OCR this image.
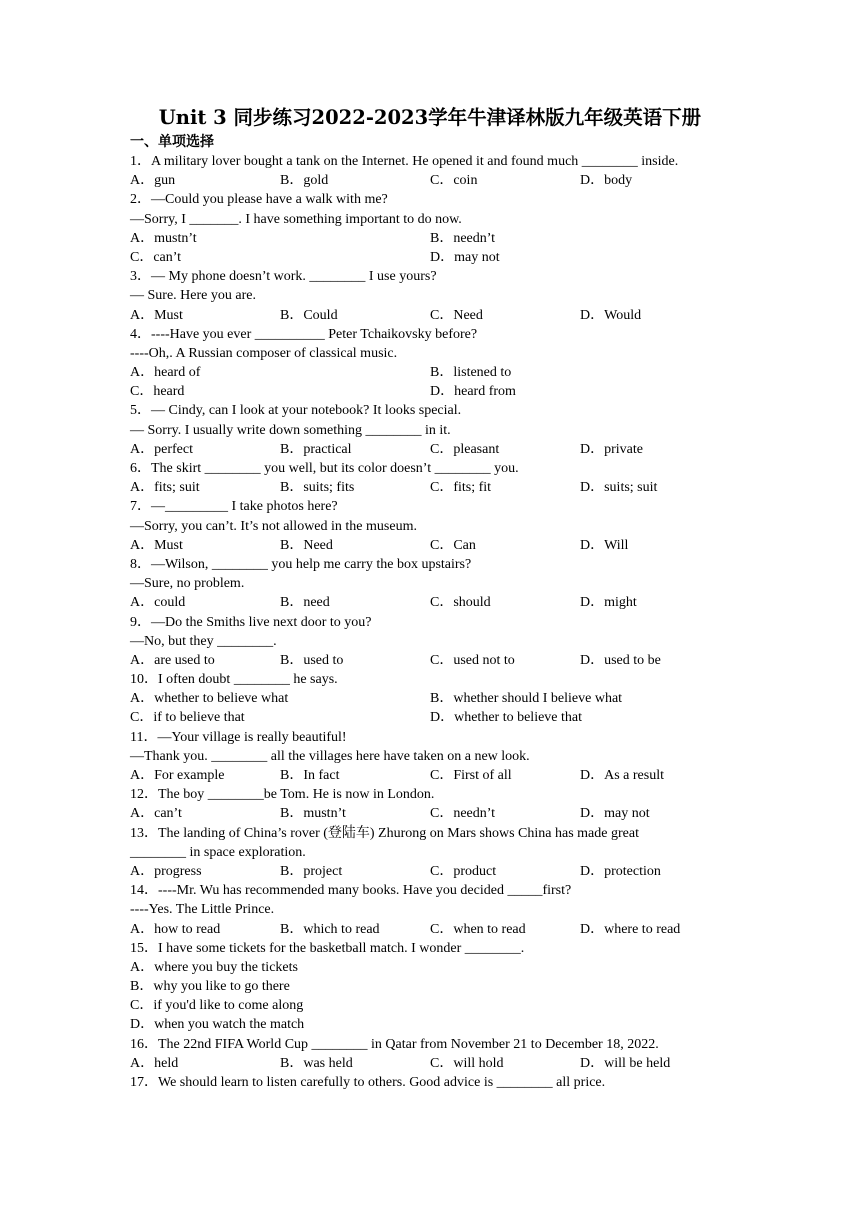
Unit 3 同步练习2022-2023学年牛津译林版九年级英语下册
一、单项选择
1．A military lover bought a tank on the Internet. He opened it and found much ________ inside.
A．gun	B．gold	C．coin	D．body
2．—Could you please have a walk with me?
—Sorry, I _______. I have something important to do now.
A．mustn’t	B．needn’t
C．can’t	D．may not
3．— My phone doesn’t work. ________ I use yours?
— Sure. Here you are.
A．Must	B．Could	C．Need	D．Would
4．----Have you ever __________ Peter Tchaikovsky before?
----Oh,. A Russian composer of classical music.
A．heard of	B．listened to
C．heard	D．heard from
5．— Cindy, can I look at your notebook? It looks special.
— Sorry. I usually write down something ________ in it.
A．perfect	B．practical	C．pleasant	D．private
6．The skirt ________ you well, but its color doesn’t ________ you.
A．fits; suit	B．suits; fits	C．fits; fit	D．suits; suit
7．—_________ I take photos here?
—Sorry, you can’t. It’s not allowed in the museum.
A．Must	B．Need	C．Can	D．Will
8．—Wilson, ________ you help me carry the box upstairs?
—Sure, no problem.
A．could	B．need	C．should	D．might
9．—Do the Smiths live next door to you?
—No, but they ________.
A．are used to	B．used to	C．used not to	D．used to be
10．I often doubt ________ he says.
A．whether to believe what	B．whether should I believe what
C．if to believe that	D．whether to believe that
11．—Your village is really beautiful!
—Thank you. ________ all the villages here have taken on a new look.
A．For example	B．In fact	C．First of all	D．As a result
12．The boy ________be Tom. He is now in London.
A．can’t	B．mustn’t	C．needn’t	D．may not
13．The landing of China’s rover (登陆车) Zhurong on Mars shows China has made great
________ in space exploration.
A．progress	B．project	C．product	D．protection
14．----Mr. Wu has recommended many books. Have you decided _____first?
----Yes. The Little Prince.
A．how to read	B．which to read	C．when to read	D．where to read
15．I have some tickets for the basketball match. I wonder ________.
A．where you buy the tickets
B．why you like to go there
C．if you'd like to come along
D．when you watch the match
16．The 22nd FIFA World Cup ________ in Qatar from November 21 to December 18, 2022.
A．held	B．was held	C．will hold	D．will be held
17．We should learn to listen carefully to others. Good advice is ________ all price.
